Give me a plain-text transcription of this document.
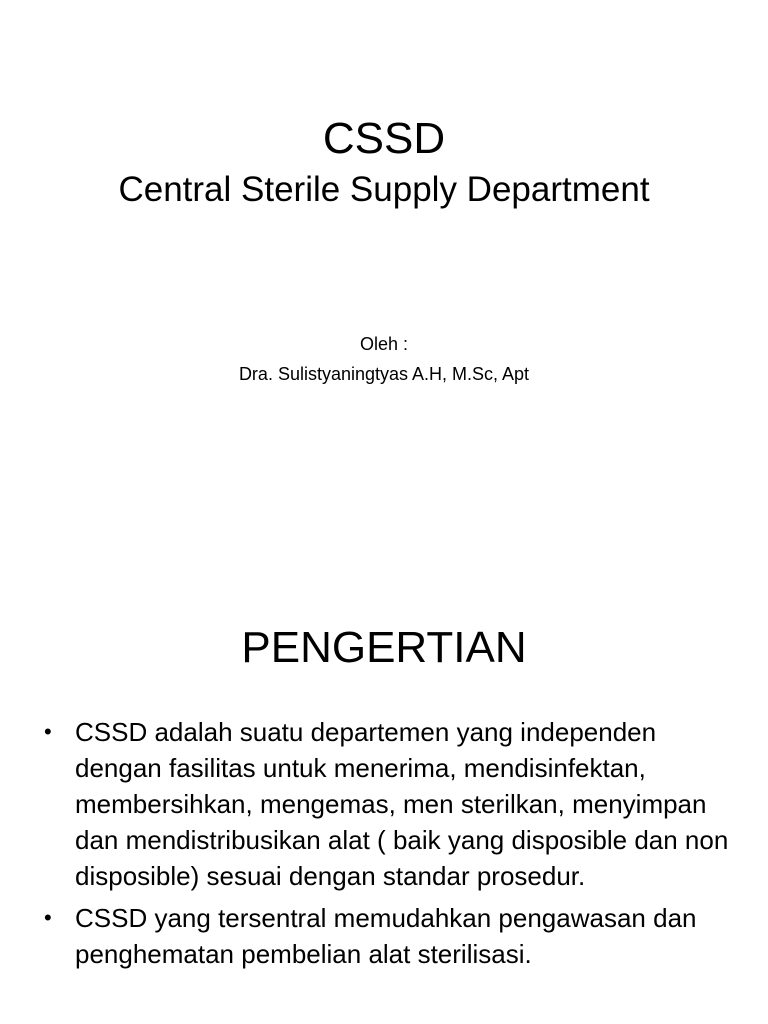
CSSD
Central Sterile Supply Department

Oleh :

Dra. Sulistyaningtyas A.H, M.Sc, Apt

PENGERTIAN
• CSSD adalah suatu departemen yang independen dengan fasilitas untuk menerima, mendisinfektan, membersihkan, mengemas, men sterilkan, menyimpan dan mendistribusikan alat ( baik yang disposible dan non disposible) sesuai dengan standar prosedur.
• CSSD yang tersentral memudahkan pengawasan dan penghematan pembelian alat sterilisasi.
